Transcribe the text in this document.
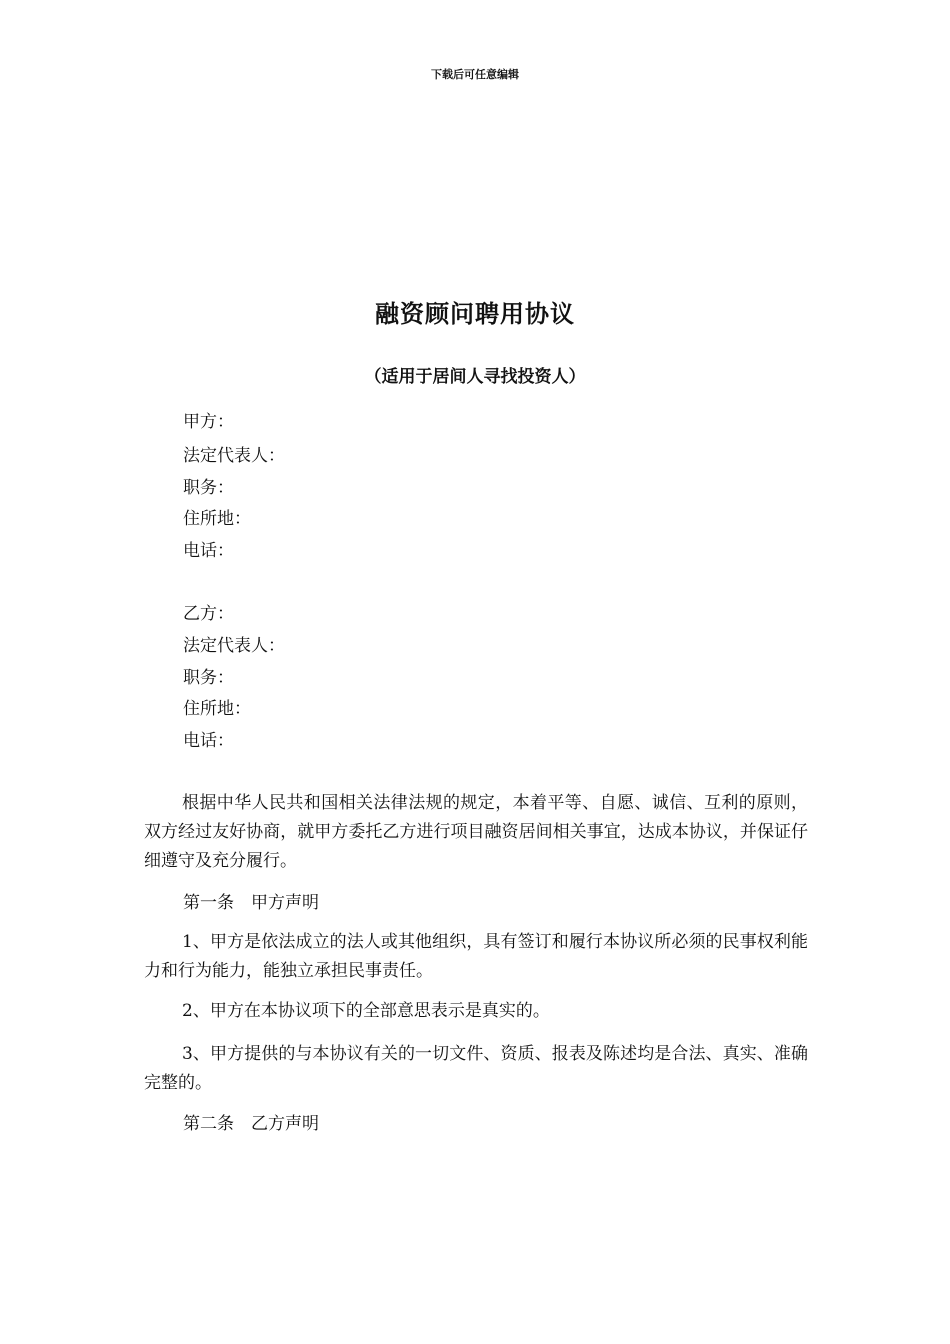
下载后可任意编辑
融资顾问聘用协议
（适用于居间人寻找投资人）
甲方：
法定代表人：
职务：
住所地：
电话：
乙方：
法定代表人：
职务：
住所地：
电话：
根据中华人民共和国相关法律法规的规定，本着平等、自愿、诚信、互利的原则，双方经过友好协商，就甲方委托乙方进行项目融资居间相关事宜，达成本协议，并保证仔细遵守及充分履行。
第一条　甲方声明
1、甲方是依法成立的法人或其他组织，具有签订和履行本协议所必须的民事权利能力和行为能力，能独立承担民事责任。
2、甲方在本协议项下的全部意思表示是真实的。
3、甲方提供的与本协议有关的一切文件、资质、报表及陈述均是合法、真实、准确完整的。
第二条　乙方声明
